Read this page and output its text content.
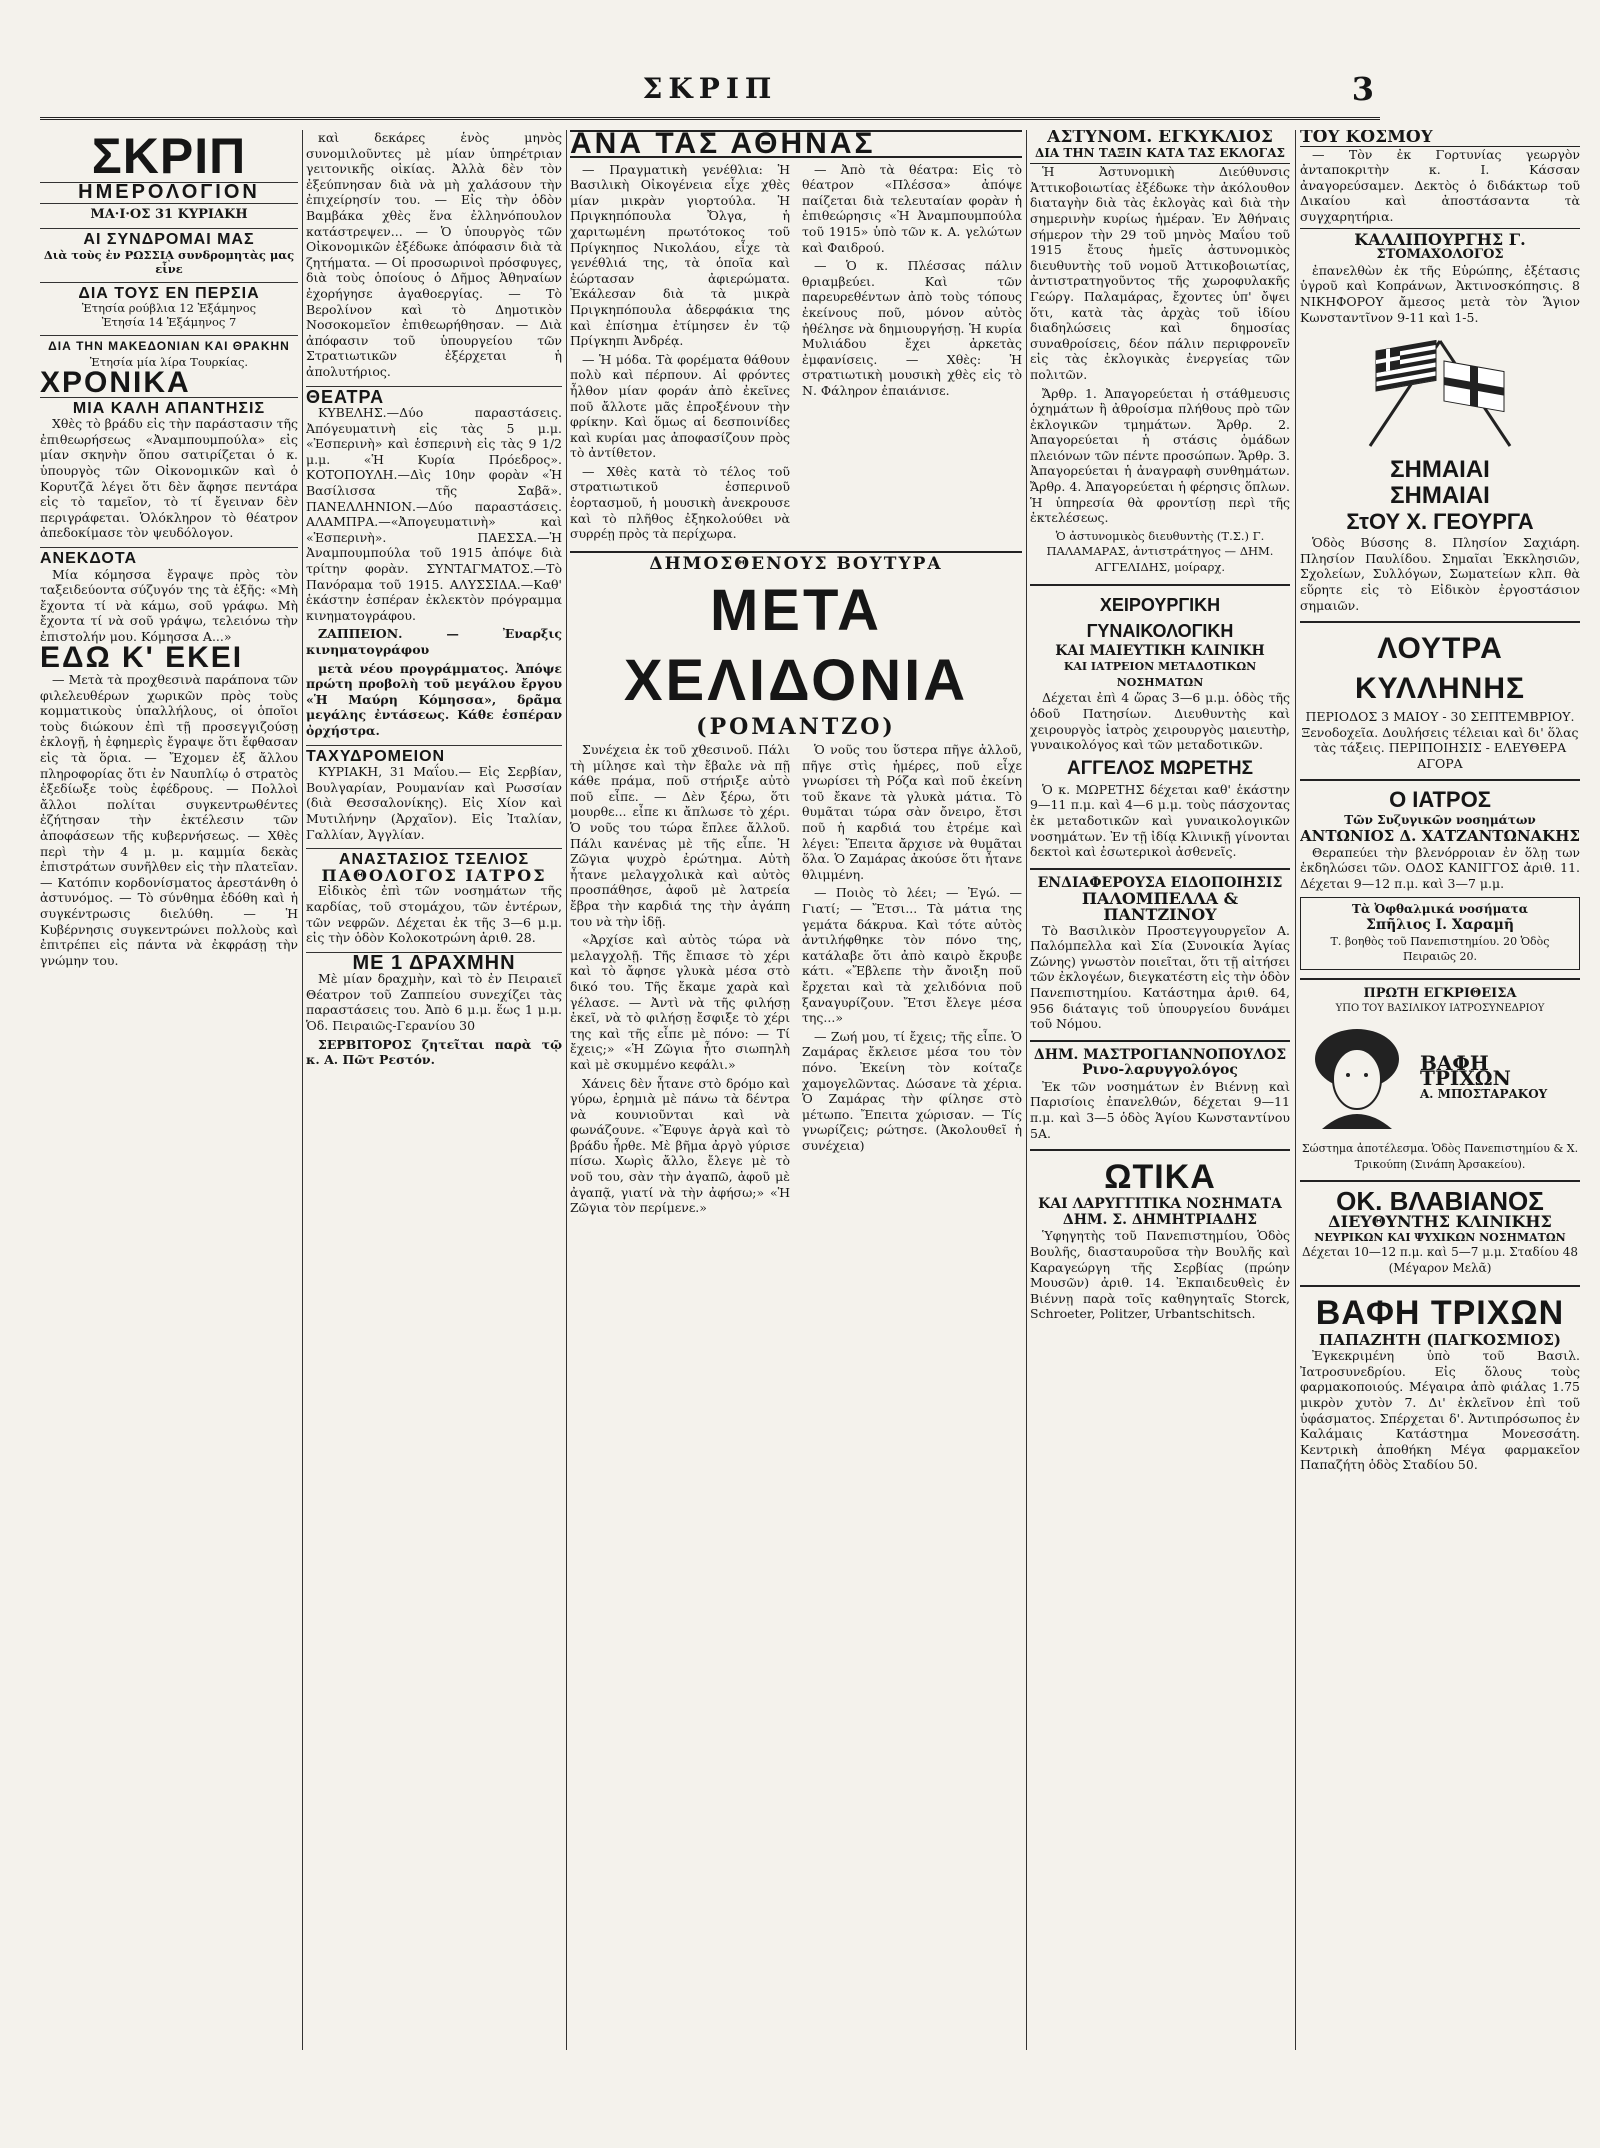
ΣΚΡΙΠ	3
ΣΚΡΙΠ
ΗΜΕΡΟΛΟΓΙΟΝ
ΜΑ·Ι·ΟΣ 31 ΚΥΡΙΑΚΗ
ΑΙ ΣΥΝΔΡΟΜΑΙ ΜΑΣ
Διὰ τοὺς ἐν ΡΩΣΣΙᾼ συνδρομητὰς μας εἶνε
ΔΙΑ ΤΟΥΣ ΕΝ ΠΕΡΣΙΑ
Ἐτησία ρούβλια 12 Ἑξάμηνος
Ἐτησία 14 Ἑξάμηνος 7
ΔΙΑ ΤΗΝ ΜΑΚΕΔΟΝΙΑΝ ΚΑΙ ΘΡΑΚΗΝ
Ἐτησία μία λίρα Τουρκίας.
ΧΡΟΝΙΚΑ
ΜΙΑ ΚΑΛΗ ΑΠΑΝΤΗΣΙΣ

Χθὲς τὸ βράδυ εἰς τὴν παράστασιν τῆς ἐπιθεωρήσεως «Ἀναμπουμπούλα» εἰς μίαν σκηνὴν ὅπου σατιρίζεται ὁ κ. ὑπουργὸς τῶν Οἰκονομικῶν καὶ ὁ Κορυτζᾶ λέγει ὅτι δὲν ἄφησε πεντάρα εἰς τὸ ταμεῖον, τὸ τί ἔγειναν δὲν περιγράφεται. Ὁλόκληρον τὸ θέατρον ἀπεδοκίμασε τὸν ψευδόλογον.

ΑΝΕΚΔΟΤΑ

Μία κόμησσα ἔγραψε πρὸς τὸν ταξειδεύοντα σύζυγόν της τὰ ἑξῆς: «Μὴ ἔχοντα τί νὰ κάμω, σοῦ γράφω. Μὴ ἔχοντα τί νὰ σοῦ γράψω, τελειόνω τὴν ἐπιστολήν μου. Κόμησσα Α...»

ΕΔΩ Κ' ΕΚΕΙ

— Μετὰ τὰ προχθεσινὰ παράπονα τῶν φιλελευθέρων χωρικῶν πρὸς τοὺς κομματικοὺς ὑπαλλήλους, οἱ ὁποῖοι τοὺς διώκουν ἐπὶ τῇ προσεγγιζούσῃ ἐκλογῇ, ἡ ἐφημερὶς ἔγραψε ὅτι ἔφθασαν εἰς τὰ ὅρια. — Ἔχομεν ἐξ ἄλλου πληροφορίας ὅτι ἐν Ναυπλίῳ ὁ στρατὸς ἐξεδίωξε τοὺς ἐφέδρους. — Πολλοὶ ἄλλοι πολίται συγκεντρωθέντες ἐζήτησαν τὴν ἐκτέλεσιν τῶν ἀποφάσεων τῆς κυβερνήσεως. — Χθὲς περὶ τὴν 4 μ. μ. καμμία δεκὰς ἐπιστράτων συνῆλθεν εἰς τὴν πλατεῖαν. — Κατόπιν κορδονίσματος ἀρεστάνθη ὁ ἀστυνόμος. — Τὸ σύνθημα ἐδόθη καὶ ἡ συγκέντρωσις διελύθη. — Ἡ Κυβέρνησις συγκεντρώνει πολλοὺς καὶ ἐπιτρέπει εἰς πάντα νὰ ἐκφράσῃ τὴν γνώμην του.

καὶ δεκάρες ἑνὸς μηνὸς συνομιλοῦντες μὲ μίαν ὑπηρέτριαν γειτονικῆς οἰκίας. Ἀλλὰ δὲν τὸν ἐξεύπνησαν διὰ νὰ μὴ χαλάσουν τὴν ἐπιχείρησίν του. — Εἰς τὴν ὁδὸν Βαμβάκα χθὲς ἕνα ἐλληνόπουλον κατάστρεψεν... — Ὁ ὑπουργὸς τῶν Οἰκονομικῶν ἐξέδωκε ἀπόφασιν διὰ τὰ ζητήματα. — Οἱ προσωρινοὶ πρόσφυγες, διὰ τοὺς ὁποίους ὁ Δῆμος Ἀθηναίων ἐχορήγησε ἀγαθοεργίας. — Τὸ Βερολίνον καὶ τὸ Δημοτικὸν Νοσοκομεῖον ἐπιθεωρήθησαν. — Διὰ ἀπόφασιν τοῦ ὑπουργείου τῶν Στρατιωτικῶν ἐξέρχεται ἡ ἀπολυτήριος.

ΘΕΑΤΡΑ

ΚΥΒΕΛΗΣ.—Δύο παραστάσεις. Ἀπόγευματινὴ εἰς τὰς 5 μ.μ. «Ἑσπερινὴ» καὶ ἑσπερινὴ εἰς τὰς 9 1/2 μ.μ. «Ἡ Κυρία Πρόεδρος». ΚΟΤΟΠΟΥΛΗ.—Δὶς 10ην φορὰν «Ἡ Βασίλισσα τῆς Σαβᾶ». ΠΑΝΕΛΛΗΝΙΟΝ.—Δύο παραστάσεις. ΑΛΑΜΠΡΑ.—«Ἀπογευματινὴ» καὶ «Ἑσπερινὴ». ΠΑΕΣΣΑ.—Ἡ Ἀναμπουμπούλα τοῦ 1915 ἀπόψε διὰ τρίτην φορὰν. ΣΥΝΤΑΓΜΑΤΟΣ.—Τὸ Πανόραμα τοῦ 1915. ΑΛΥΣΣΙΔΑ.—Καθ' ἑκάστην ἑσπέραν ἐκλεκτὸν πρόγραμμα κινηματογράφου.

ΖΑΠΠΕΙΟΝ. — Ἐναρξις κινηματογράφου

μετὰ νέου προγράμματος. Ἀπόψε πρώτη προβολὴ τοῦ μεγάλου ἔργου «Ἡ Μαύρη Κόμησσα», δρᾶμα μεγάλης ἐντάσεως. Κάθε ἑσπέραν ὀρχήστρα.

ΤΑΧΥΔΡΟΜΕΙΟΝ

ΚΥΡΙΑΚΗ, 31 Μαΐου.— Εἰς Σερβίαν, Βουλγαρίαν, Ρουμανίαν καὶ Ρωσσίαν (διὰ Θεσσαλονίκης). Εἰς Χίον καὶ Μυτιλήνην (Ἀρχαῖον). Εἰς Ἰταλίαν, Γαλλίαν, Ἀγγλίαν.

ΑΝΑΣΤΑΣΙΟΣ ΤΣΕΛΙΟΣ
ΠΑΘΟΛΟΓΟΣ ΙΑΤΡΟΣ

Εἰδικὸς ἐπὶ τῶν νοσημάτων τῆς καρδίας, τοῦ στομάχου, τῶν ἐντέρων, τῶν νεφρῶν. Δέχεται ἐκ τῆς 3—6 μ.μ. εἰς τὴν ὁδὸν Κολοκοτρώνη ἀριθ. 28.

ΜΕ 1 ΔΡΑΧΜΗΝ

Μὲ μίαν δραχμὴν, καὶ τὸ ἐν Πειραιεῖ Θέατρον τοῦ Ζαππείου συνεχίζει τὰς παραστάσεις του. Ἀπὸ 6 μ.μ. ἕως 1 μ.μ. Ὁδ. Πειραιῶς-Γερανίου 30

ΣΕΡΒΙΤΟΡΟΣ ζητεῖται παρὰ τῷ κ. Α. Πῶτ Ρεστόν.

ΑΝΑ ΤΑΣ ΑΘΗΝΑΣ

— Πραγματικὴ γενέθλια: Ἡ Βασιλικὴ Οἰκογένεια εἶχε χθὲς μίαν μικρὰν γιορτούλα. Ἡ Πριγκηπόπουλα Ὄλγα, ἡ χαριτωμένη πρωτότοκος τοῦ Πρίγκηπος Νικολάου, εἶχε τὰ γενέθλιά της, τὰ ὁποῖα καὶ ἑώρτασαν ἀφιερώματα. Ἐκάλεσαν διὰ τὰ μικρὰ Πριγκηπόπουλα ἀδερφάκια της καὶ ἐπίσημα ἐτίμησεν ἐν τῷ Πρίγκηπι Ἀνδρέᾳ.

— Ἡ μόδα. Τὰ φορέματα θάθουν πολὺ καὶ πέρπουν. Αἱ φρόντες ἦλθον μίαν φοράν ἀπὸ ἐκεῖνες ποῦ ἄλλοτε μᾶς ἐπροξένουν τὴν φρίκην. Καὶ ὅμως αἱ δεσποινίδες καὶ κυρίαι μας ἀποφασίζουν πρὸς τὸ ἀντίθετον.

— Χθὲς κατὰ τὸ τέλος τοῦ στρατιωτικοῦ ἑσπερινοῦ ἑορτασμοῦ, ἡ μουσικὴ ἀνεκρουσε καὶ τὸ πλῆθος ἐξηκολούθει νὰ συρρέῃ πρὸς τὰ περίχωρα.

— Ἀπὸ τὰ θέατρα: Εἰς τὸ θέατρον «Πλέσσα» ἀπόψε παίζεται διὰ τελευταίαν φορὰν ἡ ἐπιθεώρησις «Ἡ Ἀναμπουμπούλα τοῦ 1915» ὑπὸ τῶν κ. Α. γελώτων καὶ Φαιδρού.

— Ὁ κ. Πλέσσας πάλιν θριαμβεύει. Καὶ τῶν παρευρεθέντων ἀπὸ τοὺς τόπους ἐκείνους ποῦ, μόνον αὐτὸς ἠθέλησε νὰ δημιουργήσῃ. Ἡ κυρία Μυλιάδου ἔχει ἀρκετὰς ἐμφανίσεις. — Χθὲς: Ἡ στρατιωτικὴ μουσικὴ χθὲς εἰς τὸ Ν. Φάληρον ἐπαιάνισε.

ΔΗΜΟΣΘΕΝΟΥΣ ΒΟΥΤΥΡΑ
ΜΕΤΑ ΧΕΛΙΔΟΝΙΑ
(ΡΟΜΑΝΤΖΟ)

Συνέχεια ἐκ τοῦ χθεσινοῦ. Πάλι τὴ μίλησε καὶ τὴν ἔβαλε νὰ πῇ κάθε πράμα, ποῦ στήριξε αὐτὸ ποῦ εἶπε. — Δὲν ξέρω, ὅτι μουρθε... εἶπε κι ἄπλωσε τὸ χέρι. Ὁ νοῦς του τώρα ἔπλεε ἄλλοῦ. Πάλι κανένας μὲ τῆς εἶπε. Ἡ Ζῶγια ψυχρὸ ἐρώτημα. Αὐτὴ ἦτανε μελαγχολικὰ καὶ αὐτὸς προσπάθησε, ἀφοῦ μὲ λατρεία ἔβρα τὴν καρδιά της τὴν ἀγάπη του νὰ τὴν ἰδῇ.

«Ἀρχίσε καὶ αὐτὸς τώρα νὰ μελαγχολῇ. Τῆς ἔπιασε τὸ χέρι καὶ τὸ ἄφησε γλυκὰ μέσα στὸ δικό του. Τῆς ἔκαμε χαρὰ καὶ γέλασε. — Ἀντὶ νὰ τῆς φιλήσῃ ἐκεῖ, νὰ τὸ φιλήσῃ ἔσφιξε τὸ χέρι της καὶ τῆς εἶπε μὲ πόνο: — Τί ἔχεις;» «Ἡ Ζῶγια ἦτο σιωπηλὴ καὶ μὲ σκυμμένο κεφάλι.»

Χάνεις δὲν ἦτανε στὸ δρόμο καὶ γύρω, ἐρημιὰ μὲ πάνω τὰ δέντρα νὰ κουνιοῦνται καὶ νὰ φωνάζουνε. «Ἔφυγε ἀργὰ καὶ τὸ βράδυ ἦρθε. Μὲ βῆμα ἀργὸ γύρισε πίσω. Χωρὶς ἄλλο, ἔλεγε μὲ τὸ νοῦ του, σὰν τὴν ἀγαπῶ, ἀφοῦ μὲ ἀγαπᾷ, γιατί νὰ τὴν ἀφήσω;» «Ἡ Ζῶγια τὸν περίμενε.»

Ὁ νοῦς του ὕστερα πῆγε ἀλλοῦ, πῆγε στὶς ἡμέρες, ποῦ εἶχε γνωρίσει τὴ Ρόζα καὶ ποῦ ἐκείνη τοῦ ἔκανε τὰ γλυκὰ μάτια. Τὸ θυμᾶται τώρα σὰν ὄνειρο, ἔτσι ποῦ ἡ καρδιά του ἐτρέμε καὶ λέγει: Ἔπειτα ἄρχισε νὰ θυμᾶται ὅλα. Ὁ Ζαμάρας ἀκούσε ὅτι ἦτανε θλιμμένη.

— Ποιὸς τὸ λέει; — Ἐγώ. — Γιατί; — Ἔτσι... Τὰ μάτια της γεμάτα δάκρυα. Καὶ τότε αὐτὸς ἀντιλήφθηκε τὸν πόνο της, κατάλαβε ὅτι ἀπὸ καιρὸ ἔκρυβε κάτι. «Ἔβλεπε τὴν ἄνοιξη ποῦ ἔρχεται καὶ τὰ χελιδόνια ποῦ ξαναγυρίζουν. Ἔτσι ἔλεγε μέσα της...»

— Ζωή μου, τί ἔχεις; τῆς εἶπε. Ὁ Ζαμάρας ἔκλεισε μέσα του τὸν πόνο. Ἐκείνη τὸν κοίταζε χαμογελῶντας. Δώσανε τὰ χέρια. Ὁ Ζαμάρας τὴν φίλησε στὸ μέτωπο. Ἔπειτα χώρισαν. — Τίς γνωρίζεις; ρώτησε. (Ἀκολουθεῖ ἡ συνέχεια)

ΑΣΤΥΝΟΜ. ΕΓΚΥΚΛΙΟΣ
ΔΙΑ ΤΗΝ ΤΑΞΙΝ ΚΑΤΑ ΤΑΣ ΕΚΛΟΓΑΣ

Ἡ Ἀστυνομικὴ Διεύθυνσις Ἀττικοβοιωτίας ἐξέδωκε τὴν ἀκόλουθον διαταγὴν διὰ τὰς ἐκλογὰς καὶ διὰ τὴν σημερινὴν κυρίως ἡμέραν. Ἐν Ἀθήναις σήμερον τὴν 29 τοῦ μηνὸς Μαΐου τοῦ 1915 ἔτους ἡμεῖς ἀστυνομικὸς διευθυντὴς τοῦ νομοῦ Ἀττικοβοιωτίας, ἀντιστρατηγοῦντος τῆς χωροφυλακῆς Γεώργ. Παλαμάρας, ἔχοντες ὑπ' ὄψει ὅτι, κατὰ τὰς ἀρχὰς τοῦ ἰδίου διαδηλώσεις καὶ δημοσίας συναθροίσεις, δέον πάλιν περιφρονεῖν εἰς τὰς ἐκλογικὰς ἐνεργείας τῶν πολιτῶν.

Ἄρθρ. 1. Ἀπαγορεύεται ἡ στάθμευσις ὁχημάτων ἢ ἀθροίσμα πλήθους πρὸ τῶν ἐκλογικῶν τμημάτων. Ἄρθρ. 2. Ἀπαγορεύεται ἡ στάσις ὁμάδων πλειόνων τῶν πέντε προσώπων. Ἄρθρ. 3. Ἀπαγορεύεται ἡ ἀναγραφὴ συνθημάτων. Ἄρθρ. 4. Ἀπαγορεύεται ἡ φέρησις ὅπλων. Ἡ ὑπηρεσία θὰ φροντίσῃ περὶ τῆς ἐκτελέσεως.

Ὁ ἀστυνομικὸς διευθυντὴς (Τ.Σ.) Γ. ΠΑΛΑΜΑΡΑΣ, ἀντιστράτηγος — ΔΗΜ. ΑΓΓΕΛΙΔΗΣ, μοίραρχ.

ΧΕΙΡΟΥΡΓΙΚΗ ΓΥΝΑΙΚΟΛΟΓΙΚΗ
ΚΑΙ ΜΑΙΕΥΤΙΚΗ ΚΛΙΝΙΚΗ
ΚΑΙ ΙΑΤΡΕΙΟΝ ΜΕΤΑΔΟΤΙΚΩΝ ΝΟΣΗΜΑΤΩΝ

Δέχεται ἐπὶ 4 ὥρας 3—6 μ.μ. ὁδὸς τῆς ὁδοῦ Πατησίων. Διευθυντὴς καὶ χειρουργὸς ἰατρὸς χειρουργὸς μαιευτὴρ, γυναικολόγος καὶ τῶν μεταδοτικῶν.

ΑΓΓΕΛΟΣ ΜΩΡΕΤΗΣ

Ὁ κ. ΜΩΡΕΤΗΣ δέχεται καθ' ἑκάστην 9—11 π.μ. καὶ 4—6 μ.μ. τοὺς πάσχοντας ἐκ μεταδοτικῶν καὶ γυναικολογικῶν νοσημάτων. Ἐν τῇ ἰδίᾳ Κλινικῇ γίνονται δεκτοὶ καὶ ἐσωτερικοὶ ἀσθενεῖς.

ΕΝΔΙΑΦΕΡΟΥΣΑ ΕΙΔΟΠΟΙΗΣΙΣ
ΠΑΛΟΜΠΕΛΛΑ & ΠΑΝΤΖΙΝΟΥ

Τὸ Βασιλικὸν Προστεγγουργεῖον Α. Παλόμπελλα καὶ Σία (Συνοικία Ἁγίας Ζώνης) γνωστὸν ποιεῖται, ὅτι τῇ αἰτήσει τῶν ἐκλογέων, διεγκατέστη εἰς τὴν ὁδὸν Πανεπιστημίου. Κατάστημα ἀριθ. 64, 956 διάταγις τοῦ ὑπουργείου δυνάμει τοῦ Νόμου.

ΔΗΜ. ΜΑΣΤΡΟΓΙΑΝΝΟΠΟΥΛΟΣ
Ρινο-λαρυγγολόγος

Ἐκ τῶν νοσημάτων ἐν Βιέννῃ καὶ Παρισίοις ἐπανελθών, δέχεται 9—11 π.μ. καὶ 3—5 ὁδὸς Ἁγίου Κωνσταντίνου 5Α.

ΩΤΙΚΑ
ΚΑΙ ΛΑΡΥΓΓΙΤΙΚΑ ΝΟΣΗΜΑΤΑ
ΔΗΜ. Σ. ΔΗΜΗΤΡΙΑΔΗΣ

Ὑφηγητὴς τοῦ Πανεπιστημίου, Ὁδὸς Βουλῆς, διασταυροῦσα τὴν Βουλῆς καὶ Καραγεώργη τῆς Σερβίας (πρώην Μουσῶν) ἀριθ. 14. Ἐκπαιδευθεὶς ἐν Βιέννῃ παρὰ τοῖς καθηγηταῖς Storck, Schroeter, Politzer, Urbantschitsch.

ΤΟΥ ΚΟΣΜΟΥ

— Τὸν ἐκ Γορτυνίας γεωργὸν ἀνταποκριτὴν κ. Ι. Κάσσαν ἀναγορεύσαμεν. Δεκτὸς ὁ διδάκτωρ τοῦ Δικαίου καὶ ἀποστάσαντα τὰ συγχαρητήρια.

ΚΑΛΛΙΠΟΥΡΓΗΣ Γ.
ΣΤΟΜΑΧΟΛΟΓΟΣ

ἐπανελθὼν ἐκ τῆς Εὐρώπης, ἐξέτασις ὑγροῦ καὶ Κοπράνων, Ἀκτινοσκόπησις. 8 ΝΙΚΗΦΟΡΟΥ ἄμεσος μετὰ τὸν Ἅγιον Κωνσταντῖνον 9-11 καὶ 1-5.

ΣΗΜΑΙΑΙ
ΣΗΜΑΙΑΙ
ΣτΟΥ Χ. ΓΕΟΥΡΓΑ

Ὁδὸς Βύσσης 8. Πλησίον Σαχιάρη. Πλησίον Παυλίδου. Σημαῖαι Ἐκκλησιῶν, Σχολείων, Συλλόγων, Σωματείων κλπ. θὰ εὕρητε εἰς τὸ Εἰδικὸν ἐργοστάσιον σημαιῶν.

ΛΟΥΤΡΑ
ΚΥΛΛΗΝΗΣ

ΠΕΡΙΟΔΟΣ 3 ΜΑΙΟΥ - 30 ΣΕΠΤΕΜΒΡΙΟΥ. Ξενοδοχεῖα. Δουλήσεις τέλειαι καὶ δι' ὅλας τὰς τάξεις. ΠΕΡΙΠΟΙΗΣΙΣ - ΕΛΕΥΘΕΡΑ ΑΓΟΡΑ

Ο ΙΑΤΡΟΣ
Τῶν Συζυγικῶν νοσημάτων
ΑΝΤΩΝΙΟΣ Δ. ΧΑΤΖΑΝΤΩΝΑΚΗΣ

Θεραπεύει τὴν βλενόρροιαν ἐν ὅλῃ των ἐκδηλώσει τῶν. ΟΔΟΣ ΚΑΝΙΓΓΟΣ ἀριθ. 11. Δέχεται 9—12 π.μ. καὶ 3—7 μ.μ.

Τὰ Ὀφθαλμικά νοσήματα
Σπῆλιος Ι. Χαραμῆ
Τ. βοηθὸς τοῦ Πανεπιστημίου. 20 Ὁδὸς Πειραιῶς 20.
ΠΡΩΤΗ ΕΓΚΡΙΘΕΙΣΑ
ΥΠΟ ΤΟΥ ΒΑΣΙΛΙΚΟΥ ΙΑΤΡΟΣΥΝΕΔΡΙΟΥ
ΒΑΦΗ ΤΡΙΧΩΝ
Α. ΜΠΟΣΤΑΡΑΚΟΥ
Σώστημα ἀποτέλεσμα. Ὁδὸς Πανεπιστημίου & Χ. Τρικούπη (Σινάπη Ἀρσακείου).
ΟΚ. ΒΛΑΒΙΑΝΟΣ
ΔΙΕΥΘΥΝΤΗΣ ΚΛΙΝΙΚΗΣ
ΝΕΥΡΙΚΩΝ ΚΑΙ ΨΥΧΙΚΩΝ ΝΟΣΗΜΑΤΩΝ
Δέχεται 10—12 π.μ. καὶ 5—7 μ.μ. Σταδίου 48 (Μέγαρον Μελᾶ)
ΒΑΦΗ ΤΡΙΧΩΝ
ΠΑΠΑΖΗΤΗ (ΠΑΓΚΟΣΜΙΟΣ)

Ἐγκεκριμένη ὑπὸ τοῦ Βασιλ. Ἰατροσυνεδρίου. Εἰς ὅλους τοὺς φαρμακοποιούς. Μέγαιρα ἀπὸ φιάλας 1.75 μικρὸν χυτὸν 7. Δι' ἐκλεῖνον ἐπὶ τοῦ ὑφάσματος. Σπέρχεται δ'. Ἀντιπρόσωπος ἐν Καλάμαις Κατάστημα Μονεσσάτη. Κεντρικὴ ἀποθήκη Μέγα φαρμακεῖον Παπαζήτη ὁδὸς Σταδίου 50.
